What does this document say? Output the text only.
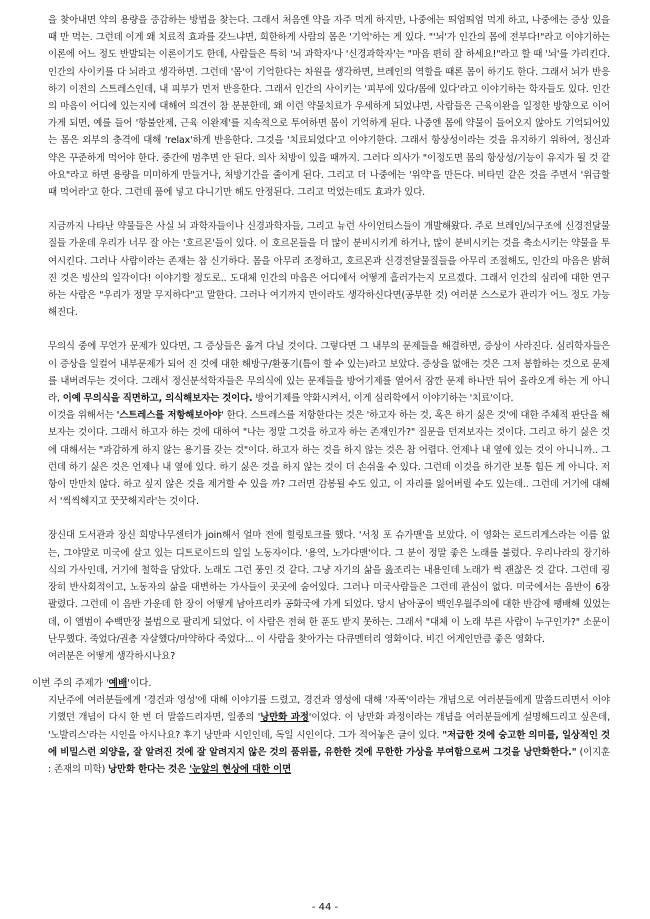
을 찾아내면 약의 용량을 증감하는 방법을 찾는다. 그래서 처음엔 약을 자주 먹게 하지만, 나중에는 띄엄띄엄 먹게 하고, 나중에는 증상 있을 때 만 먹는. 그런데 이게 왜 치료적 효과를 갖느냐면, 희한하게 사람의 몸은 '기억'하는 게 있다. "'뇌'가 인간의 몸에 전부다!"라고 이야기하는 이론에 어느 정도 반발되는 이론이기도 한데, 사람들은 특히 '뇌 과학자'나 '신경과학자'는 "마음 편히 잘 하세요!"라고 할 때 '뇌'를 가리킨다. 인간의 사이키를 다 뇌라고 생각하면. 그런데 '몸'이 기억한다는 차원을 생각하면, 브레인의 역할을 때론 몸이 하기도 한다. 그래서 뇌가 반응하기 이전의 스트레스인데, 내 피부가 먼저 반응한다. 그래서 인간의 사이키는 '피부에 있다/몸에 있다'라고 이야기하는 학자들도 있다. 인간의 마음이 어디에 있는지에 대해여 의견이 참 분분한데, 왜 이런 약물치료가 우세하게 되었냐면, 사람들은 근육이완을 일정한 방향으로 이어가게 되면, 예를 들어 '항불안제, 근육 이완제'를 지속적으로 투여하면 몸이 기억하게 된다. 나중엔 몸에 약물이 들어오지 않아도 기억되어있는 몸은 외부의 충격에 대해 'relax'하게 반응한다. 그것을 '치료되었다'고 이야기한다. 그래서 항상성이라는 것을 유지하기 위하여, 정신과 약은 꾸준하게 먹어야 한다. 중간에 멈추면 안 된다. 의사 처방이 있을 때까지. 그러다 의사가 "이정도면 몸의 항상성/기능이 유지가 될 것 같아요"라고 하면 용량을 미미하게 만들거나, 처방기간을 줄이게 된다. 그리고 더 나중에는 '위약'을 만든다. 비타민 같은 것을 주면서 '위급할 때 먹어라'고 한다. 그런데 품에 넣고 다니기만 해도 안정된다. 그리고 먹었는데도 효과가 있다.

지금까지 나타난 약물들은 사실 뇌 과학자들이나 신경과학자들, 그리고 뉴런 사이언티스들이 개발해왔다. 주로 브레인/뇌구조에 신경전달물질들 가운데 우리가 너무 잘 아는 '호르몬'들이 있다. 이 호르몬들을 더 많이 분비시키게 하거나, 많이 분비시키는 것을 축소시키는 약물을 투여시킨다. 그러나 사람이라는 존재는 참 신기하다. 몸을 아무리 조정하고, 호르몬과 신경전달물질들을 아무리 조절해도, 인간의 마음은 밝혀진 것은 빙산의 일각이다! 이야기할 정도로.. 도대체 인간의 마음은 어디에서 어떻게 흘러가는지 모르겠다. 그래서 인간의 심리에 대한 연구하는 사람은 "우리가 정말 무지하다"고 말한다. 그러나 여기까지 만이라도 생각하신다면(공부한 것) 여러분 스스로가 관리가 어느 정도 가능해진다.

무의식 중에 무언가 문제가 있다면, 그 증상들은 옮겨 다닐 것이다. 그렇다면 그 내부의 문제들을 해결하면, 증상이 사라진다. 심리학자들은 이 증상을 일컬어 내부문제가 되어 진 것에 대한 해방구/환풍기(틈이 할 수 있는)라고 보았다. 증상을 없애는 것은 그저 봉합하는 것으로 문제를 내버려두는 것이다. 그래서 정신분석학자들은 무의식에 있는 문제들을 방어기제를 열어서 잠깐 문제 하나만 뒤어 올라오게 하는 게 아니라, 이예 무의식을 직면하고, 의식해보자는 것이다. 방어기제를 약화시켜서, 이게 심리학에서 이야기하는 '치료'이다.

이것을 위해서는 '스트레스를 저항해보아야' 한다. 스트레스를 저항한다는 것은 '하고자 하는 것, 혹은 하기 싫은 것'에 대한 주체적 판단을 해보자는 것이다. 그래서 하고자 하는 것에 대하여 "나는 정말 그것을 하고자 하는 존재인가?" 질문을 던져보자는 것이다. 그리고 하기 싫은 것에 대해서는 "과감하게 하지 않는 용기를 갖는 것"이다. 하고자 하는 것을 하지 않는 것은 참 어렵다. 언제나 내 옆에 있는 것이 아니니까.. 그런데 하기 싫은 것은 언제나 내 옆에 있다. 하기 싫은 것을 하지 않는 것이 더 손쉬울 수 있다. 그런데 이것을 하기란 보통 힘든 게 아니다. 저항이 만만치 않다. 하고 싶지 않은 것을 제거할 수 있을 까? 그러면 감봉될 수도 있고, 이 자리를 잃어버릴 수도 있는데.. 그런데 거기에 대해서 '씩씩해지고 꿋꿋해지라'는 것이다.

장신대 도서관과 장신 희망나무센터가 join해서 얼마 전에 힐링토크를 했다. '서칭 포 슈가맨'을 보았다. 이 영화는 로드리게스라는 이름 없는, 그야말로 미국에 살고 있는 디트로이드의 일일 노동자이다. '용역, 노가다맨'이다. 그 분이 정말 좋은 노래를 불렀다. 우리나라의 장기하 식의 가사인데, 거기에 철학을 담았다. 노래도 그런 풍인 것 같다. 그냥 자기의 삶을 읊조리는 내용인데 노래가 썩 괜찮은 것 같다. 그런데 굉장히 반사회적이고, 노동자의 삶을 대변하는 가사들이 곳곳에 숨어있다. 그러나 미국사람들은 그런데 관심이 없다. 미국에서는 음반이 6장 팔렸다. 그런데 이 음반 가운데 한 장이 어떻게 남아프리카 공화국에 가게 되었다. 당시 남아공이 백인우월주의에 대한 반감에 팽배해 있었는데, 이 앨범이 수백만장 불법으로 팔리게 되었다. 이 사람은 전혀 한 푼도 받지 못하는. 그래서 "대체 이 노래 부른 사람이 누구인가?" 소문이 난무했다. 죽었다/권총 자살했다/마약하다 죽었다... 이 사람을 찾아가는 다큐멘터리 영화이다. 비긴 어게인만큼 좋은 영화다.

여러분은 어떻게 생각하시나요?

이번 주의 주제가 '예배'이다.

지난주에 여러분들에게 '경건과 영성'에 대해 이야기를 드렸고, 경건과 영성에 대해 '자폭'이라는 개념으로 여러분들에게 말씀드리면서 이야기했던 개념이 다시 한 번 더 말씀드리자면, 일종의 '낭만화 과정'이었다. 이 낭만화 과정이라는 개념을 여러분들에게 설명해드리고 싶은데, '노발리스'라는 시인을 아시나요? 후기 낭만파 시인인데, 독일 시인이다. 그가 적어놓은 글이 있다. "저급한 것에 숭고한 의미를, 일상적인 것에 비밀스런 외양을, 잘 알려진 것에 잘 알려지지 않은 것의 품위를, 유한한 것에 무한한 가상을 부여함으로써 그것을 낭만화한다." (이지훈 : 존재의 미학) 낭만화 한다는 것은 '눈앞의 현상에 대한 이면

- 44 -
